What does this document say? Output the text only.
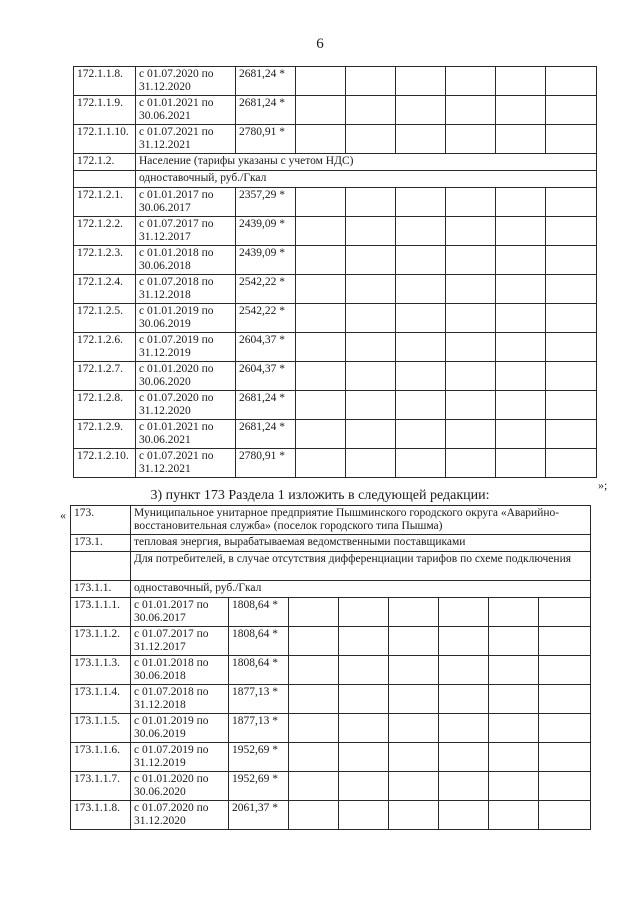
6
172.1.1.8.	с 01.07.2020 по 31.12.2020	2681,24 *						
172.1.1.9.	с 01.01.2021 по 30.06.2021	2681,24 *						
172.1.1.10.	с 01.07.2021 по 31.12.2021	2780,91 *						
172.1.2.	Население (тарифы указаны с учетом НДС)							
	одноставочный, руб./Гкал							
172.1.2.1.	с 01.01.2017 по 30.06.2017	2357,29 *						
172.1.2.2.	с 01.07.2017 по 31.12.2017	2439,09 *						
172.1.2.3.	с 01.01.2018 по 30.06.2018	2439,09 *						
172.1.2.4.	с 01.07.2018 по 31.12.2018	2542,22 *						
172.1.2.5.	с 01.01.2019 по 30.06.2019	2542,22 *						
172.1.2.6.	с 01.07.2019 по 31.12.2019	2604,37 *						
172.1.2.7.	с 01.01.2020 по 30.06.2020	2604,37 *						
172.1.2.8.	с 01.07.2020 по 31.12.2020	2681,24 *						
172.1.2.9.	с 01.01.2021 по 30.06.2021	2681,24 *						
172.1.2.10.	с 01.07.2021 по 31.12.2021	2780,91 *						
»;
3) пункт 173 Раздела 1 изложить в следующей редакции:
« 173.	Муниципальное унитарное предприятие Пышминского городского округа «Аварийно-восстановительная служба» (поселок городского типа Пышма)							
173.1.	тепловая энергия, вырабатываемая ведомственными поставщиками							
	Для потребителей, в случае отсутствия дифференциации тарифов по схеме подключения							
173.1.1.	одноставочный, руб./Гкал							
173.1.1.1.	с 01.01.2017 по 30.06.2017	1808,64 *						
173.1.1.2.	с 01.07.2017 по 31.12.2017	1808,64 *						
173.1.1.3.	с 01.01.2018 по 30.06.2018	1808,64 *						
173.1.1.4.	с 01.07.2018 по 31.12.2018	1877,13 *						
173.1.1.5.	с 01.01.2019 по 30.06.2019	1877,13 *						
173.1.1.6.	с 01.07.2019 по 31.12.2019	1952,69 *						
173.1.1.7.	с 01.01.2020 по 30.06.2020	1952,69 *						
173.1.1.8.	с 01.07.2020 по 31.12.2020	2061,37 *						
